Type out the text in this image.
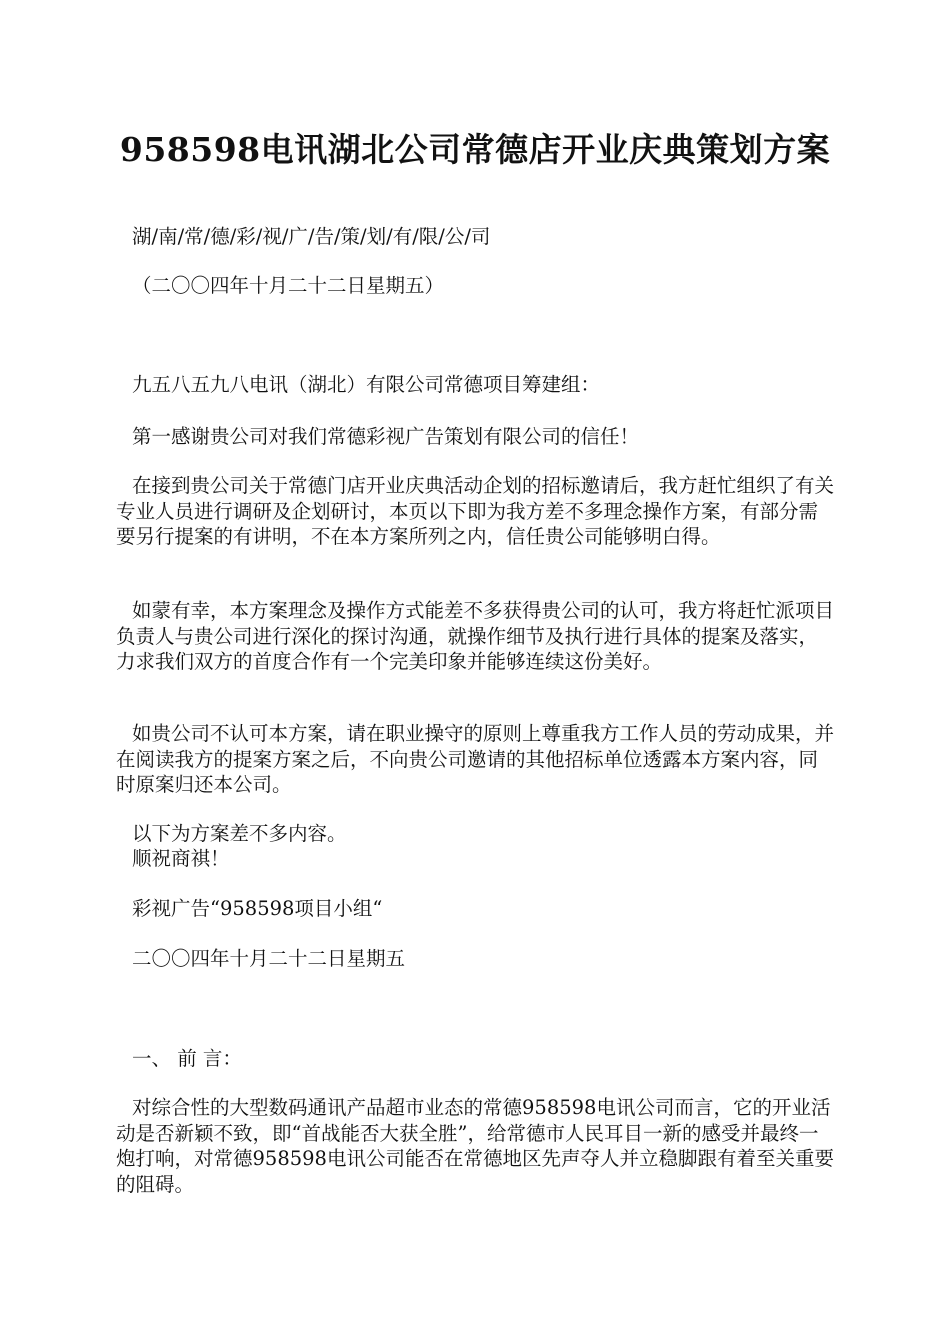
958598电讯湖北公司常德店开业庆典策划方案

湖/南/常/德/彩/视/广/告/策/划/有/限/公/司

（二〇〇四年十月二十二日星期五）

九五八五九八电讯（湖北）有限公司常德项目筹建组：

第一感谢贵公司对我们常德彩视广告策划有限公司的信任！

在接到贵公司关于常德门店开业庆典活动企划的招标邀请后，我方赶忙组织了有关专业人员进行调研及企划研讨，本页以下即为我方差不多理念操作方案，有部分需要另行提案的有讲明，不在本方案所列之内，信任贵公司能够明白得。

如蒙有幸，本方案理念及操作方式能差不多获得贵公司的认可，我方将赶忙派项目负责人与贵公司进行深化的探讨沟通，就操作细节及执行进行具体的提案及落实，力求我们双方的首度合作有一个完美印象并能够连续这份美好。

如贵公司不认可本方案，请在职业操守的原则上尊重我方工作人员的劳动成果，并在阅读我方的提案方案之后，不向贵公司邀请的其他招标单位透露本方案内容，同时原案归还本公司。

以下为方案差不多内容。

顺祝商祺！

彩视广告“958598项目小组“

二〇〇四年十月二十二日星期五

一、 前 言：

对综合性的大型数码通讯产品超市业态的常德958598电讯公司而言，它的开业活动是否新颖不致，即“首战能否大获全胜”，给常德市人民耳目一新的感受并最终一炮打响，对常德958598电讯公司能否在常德地区先声夺人并立稳脚跟有着至关重要的阻碍。
